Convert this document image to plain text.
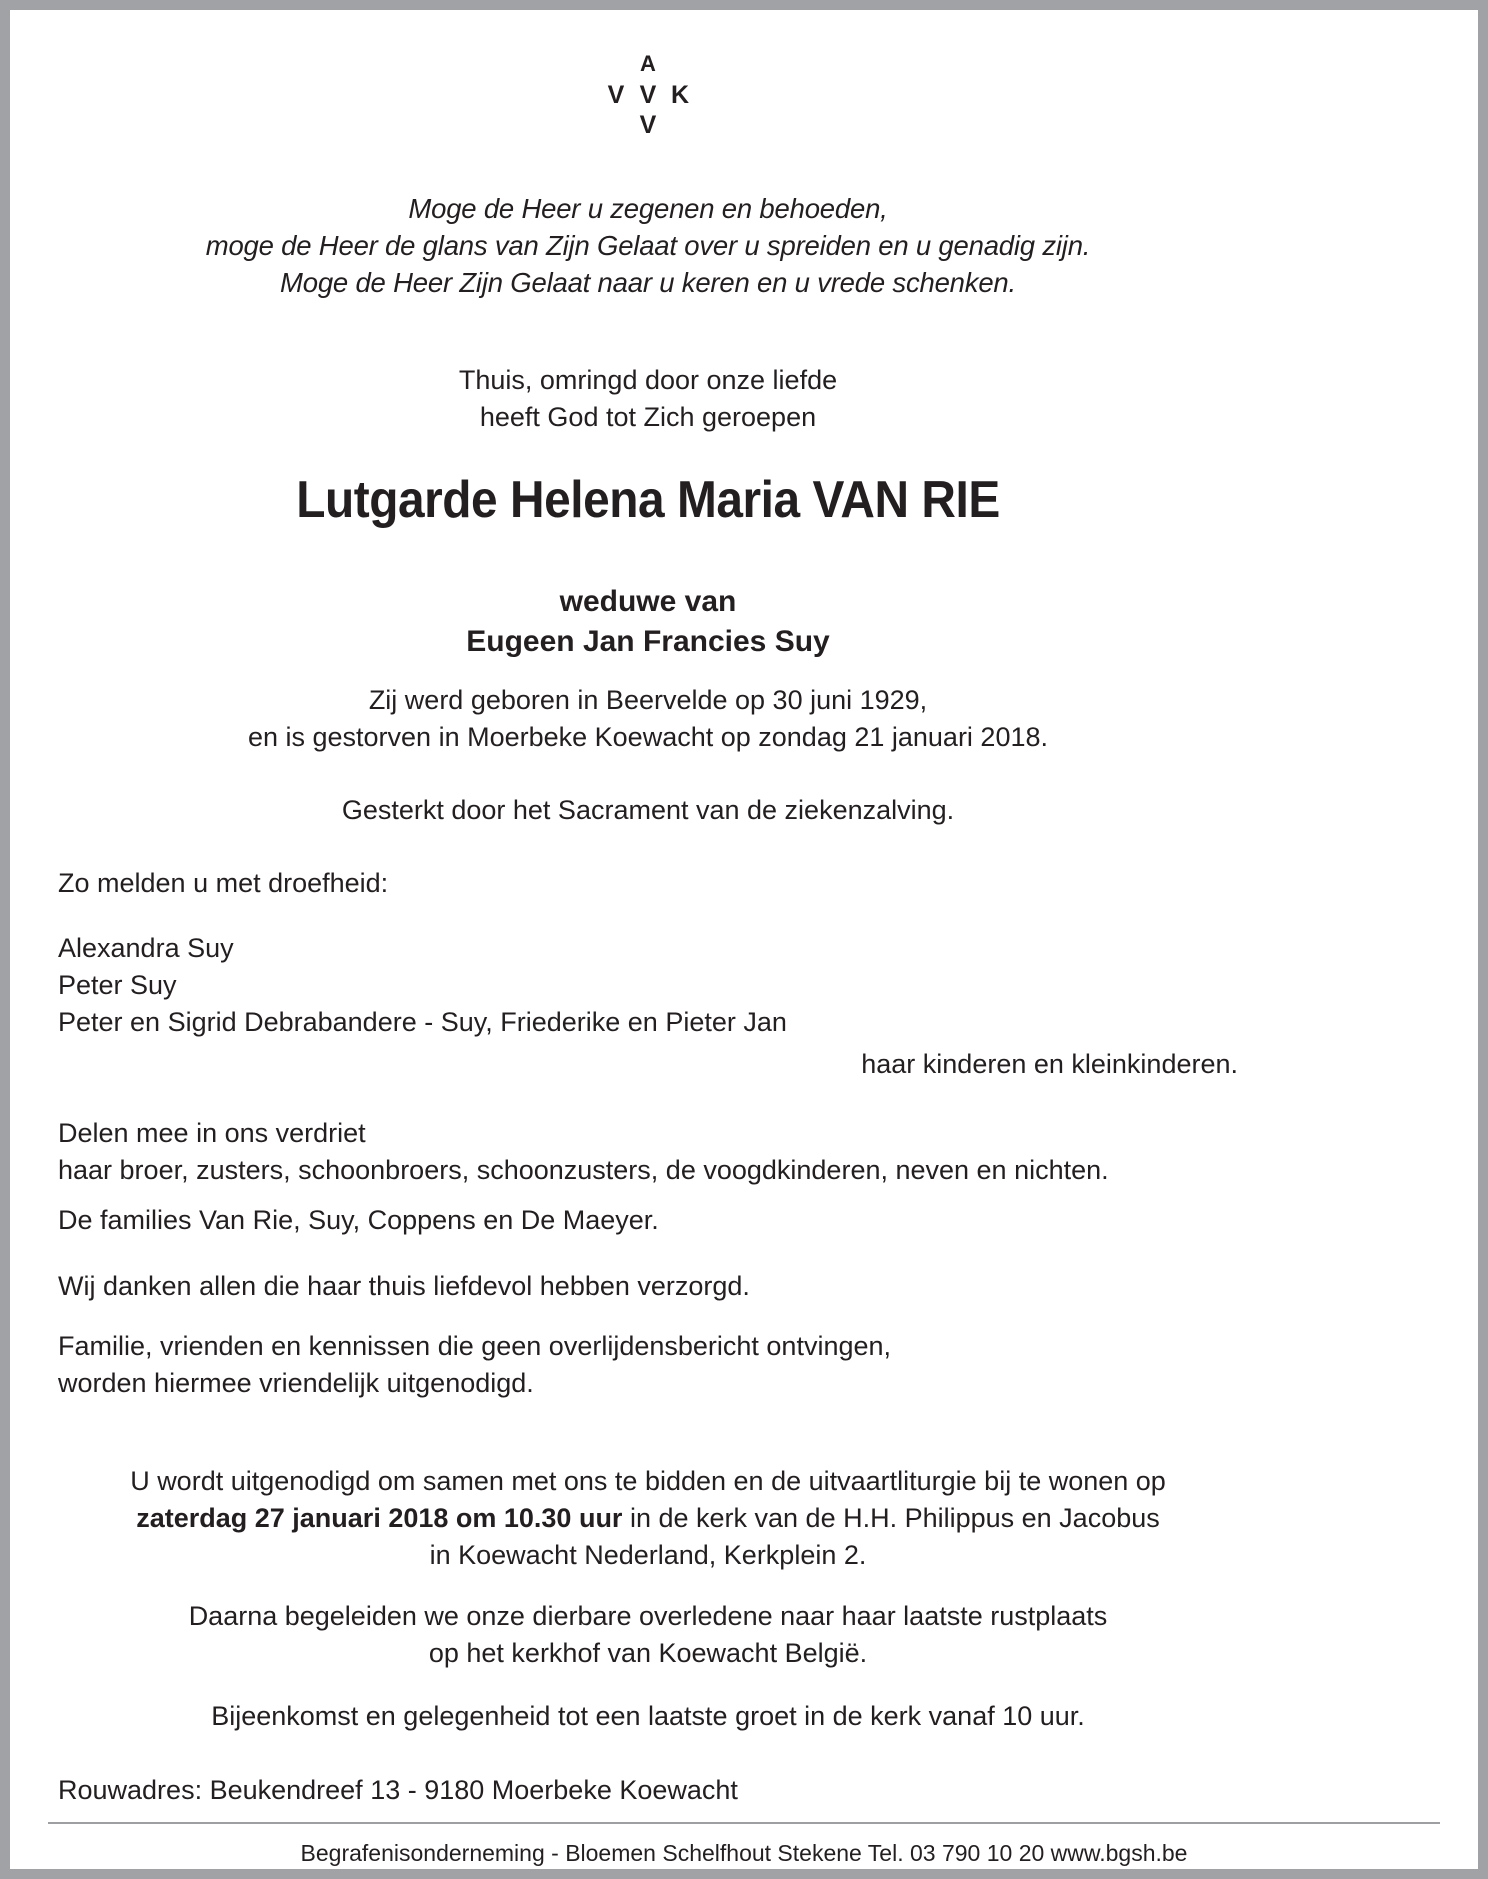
A
V V K
V
Moge de Heer u zegenen en behoeden,
moge de Heer de glans van Zijn Gelaat over u spreiden en u genadig zijn.
Moge de Heer Zijn Gelaat naar u keren en u vrede schenken.
Thuis, omringd door onze liefde
heeft God tot Zich geroepen
Lutgarde Helena Maria VAN RIE
weduwe van
Eugeen Jan Francies Suy
Zij werd geboren in Beervelde op 30 juni 1929,
en is gestorven in Moerbeke Koewacht op zondag 21 januari 2018.
Gesterkt door het Sacrament van de ziekenzalving.
Zo melden u met droefheid:
Alexandra Suy
Peter Suy
Peter en Sigrid Debrabandere - Suy, Friederike en Pieter Jan
haar kinderen en kleinkinderen.
Delen mee in ons verdriet
haar broer, zusters, schoonbroers, schoonzusters, de voogdkinderen, neven en nichten.
De families Van Rie, Suy, Coppens en De Maeyer.
Wij danken allen die haar thuis liefdevol hebben verzorgd.
Familie, vrienden en kennissen die geen overlijdensbericht ontvingen,
worden hiermee vriendelijk uitgenodigd.
U wordt uitgenodigd om samen met ons te bidden en de uitvaartliturgie bij te wonen op
zaterdag 27 januari 2018 om 10.30 uur in de kerk van de H.H. Philippus en Jacobus
in Koewacht Nederland, Kerkplein 2.
Daarna begeleiden we onze dierbare overledene naar haar laatste rustplaats
op het kerkhof van Koewacht België.
Bijeenkomst en gelegenheid tot een laatste groet in de kerk vanaf 10 uur.
Rouwadres: Beukendreef 13 - 9180 Moerbeke Koewacht
Begrafenisonderneming - Bloemen Schelfhout Stekene Tel. 03 790 10 20 www.bgsh.be
